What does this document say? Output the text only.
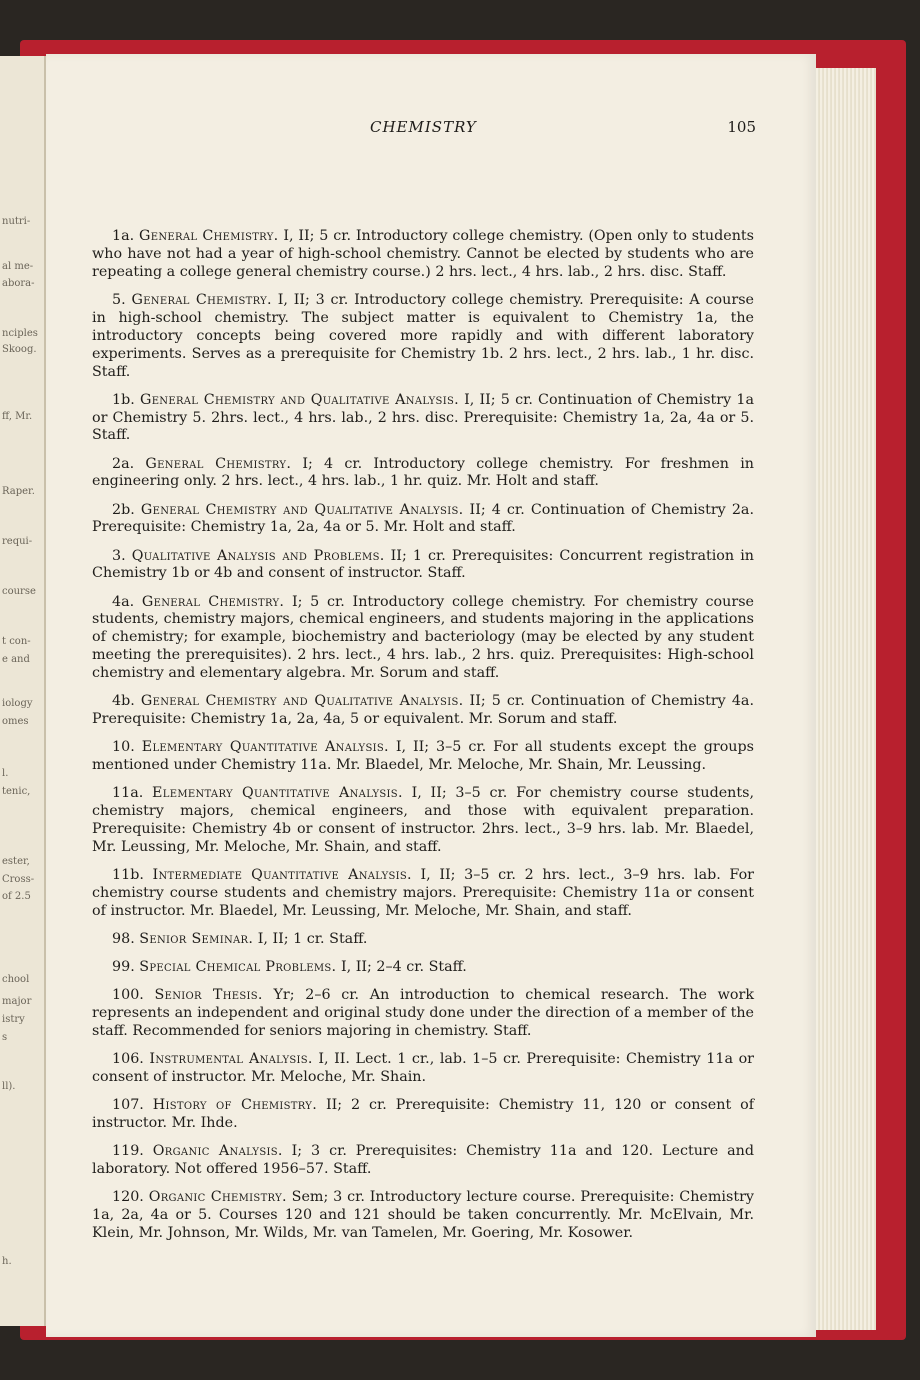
nutri-
al me-
abora-
nciples
Skoog.
ff, Mr.
Raper.
requi-
course
t con-
e and
iology
omes
l.
tenic,
ester,
Cross-
of 2.5
chool
major
istry
s
ll).
h.
CHEMISTRY	105

1a. General Chemistry. I, II; 5 cr. Introductory college chemistry. (Open only to students who have not had a year of high-school chemistry. Cannot be elected by students who are repeating a college general chemistry course.) 2 hrs. lect., 4 hrs. lab., 2 hrs. disc. Staff.

5. General Chemistry. I, II; 3 cr. Introductory college chemistry. Prerequisite: A course in high-school chemistry. The subject matter is equivalent to Chemistry 1a, the introductory concepts being covered more rapidly and with different laboratory experiments. Serves as a prerequisite for Chemistry 1b. 2 hrs. lect., 2 hrs. lab., 1 hr. disc. Staff.

1b. General Chemistry and Qualitative Analysis. I, II; 5 cr. Continuation of Chemistry 1a or Chemistry 5. 2hrs. lect., 4 hrs. lab., 2 hrs. disc. Prerequisite: Chemistry 1a, 2a, 4a or 5. Staff.

2a. General Chemistry. I; 4 cr. Introductory college chemistry. For freshmen in engineering only. 2 hrs. lect., 4 hrs. lab., 1 hr. quiz. Mr. Holt and staff.

2b. General Chemistry and Qualitative Analysis. II; 4 cr. Continuation of Chemistry 2a. Prerequisite: Chemistry 1a, 2a, 4a or 5. Mr. Holt and staff.

3. Qualitative Analysis and Problems. II; 1 cr. Prerequisites: Concurrent registration in Chemistry 1b or 4b and consent of instructor. Staff.

4a. General Chemistry. I; 5 cr. Introductory college chemistry. For chemistry course students, chemistry majors, chemical engineers, and students majoring in the applications of chemistry; for example, biochemistry and bacteriology (may be elected by any student meeting the prerequisites). 2 hrs. lect., 4 hrs. lab., 2 hrs. quiz. Prerequisites: High-school chemistry and elementary algebra. Mr. Sorum and staff.

4b. General Chemistry and Qualitative Analysis. II; 5 cr. Continuation of Chemistry 4a. Prerequisite: Chemistry 1a, 2a, 4a, 5 or equivalent. Mr. Sorum and staff.

10. Elementary Quantitative Analysis. I, II; 3–5 cr. For all students except the groups mentioned under Chemistry 11a. Mr. Blaedel, Mr. Meloche, Mr. Shain, Mr. Leussing.

11a. Elementary Quantitative Analysis. I, II; 3–5 cr. For chemistry course students, chemistry majors, chemical engineers, and those with equivalent preparation. Prerequisite: Chemistry 4b or consent of instructor. 2hrs. lect., 3–9 hrs. lab. Mr. Blaedel, Mr. Leussing, Mr. Meloche, Mr. Shain, and staff.

11b. Intermediate Quantitative Analysis. I, II; 3–5 cr. 2 hrs. lect., 3–9 hrs. lab. For chemistry course students and chemistry majors. Prerequisite: Chemistry 11a or consent of instructor. Mr. Blaedel, Mr. Leussing, Mr. Meloche, Mr. Shain, and staff.

98. Senior Seminar. I, II; 1 cr. Staff.

99. Special Chemical Problems. I, II; 2–4 cr. Staff.

100. Senior Thesis. Yr; 2–6 cr. An introduction to chemical research. The work represents an independent and original study done under the direction of a member of the staff. Recommended for seniors majoring in chemistry. Staff.

106. Instrumental Analysis. I, II. Lect. 1 cr., lab. 1–5 cr. Prerequisite: Chemistry 11a or consent of instructor. Mr. Meloche, Mr. Shain.

107. History of Chemistry. II; 2 cr. Prerequisite: Chemistry 11, 120 or consent of instructor. Mr. Ihde.

119. Organic Analysis. I; 3 cr. Prerequisites: Chemistry 11a and 120. Lecture and laboratory. Not offered 1956–57. Staff.

120. Organic Chemistry. Sem; 3 cr. Introductory lecture course. Prerequisite: Chemistry 1a, 2a, 4a or 5. Courses 120 and 121 should be taken concurrently. Mr. McElvain, Mr. Klein, Mr. Johnson, Mr. Wilds, Mr. van Tamelen, Mr. Goering, Mr. Kosower.
